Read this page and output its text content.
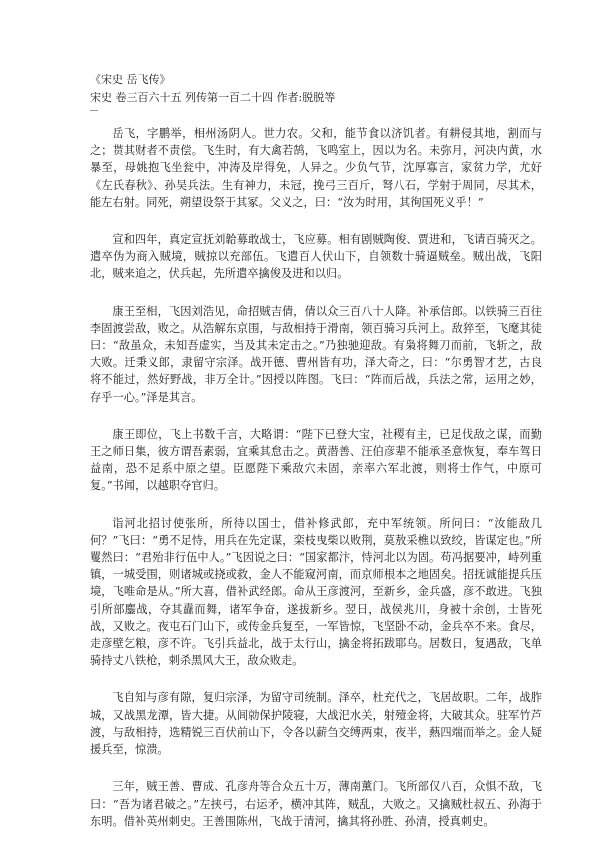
《宋史 岳飞传》

宋史 卷三百六十五 列传第一百二十四 作者:脱脱等

岳飞，字鹏举，相州汤阴人。世力农。父和，能节食以济饥者。有耕侵其地，割而与之；贳其财者不责偿。飞生时，有大禽若鹄，飞鸣室上，因以为名。未弥月，河决内黄，水暴至，母姚抱飞坐瓮中，冲涛及岸得免，人异之。少负气节，沈厚寡言，家贫力学，尤好《左氏春秋》、孙吴兵法。生有神力，未冠，挽弓三百斤，弩八石，学射于周同，尽其术，能左右射。同死，朔望设祭于其冢。父义之，曰：“汝为时用，其徇国死义乎！”

宣和四年，真定宣抚刘韐募敢战士，飞应募。相有剧贼陶俊、贾进和，飞请百骑灭之。遣卒伪为商入贼境，贼掠以充部伍。飞遣百人伏山下，自领数十骑逼贼垒。贼出战，飞阳北，贼来追之，伏兵起，先所遣卒擒俊及进和以归。

康王至相，飞因刘浩见，命招贼吉倩，倩以众三百八十人降。补承信郎。以铁骑三百往李固渡尝敌，败之。从浩解东京围，与敌相持于滑南，领百骑习兵河上。敌猝至，飞麾其徒曰：“敌虽众，未知吾虚实，当及其未定击之。”乃独驰迎敌。有枭将舞刀而前，飞斩之，敌大败。迁秉义郎，隶留守宗泽。战开德、曹州皆有功，泽大奇之，曰：“尔勇智才艺，古良将不能过，然好野战，非万全计。”因授以阵图。飞曰：“阵而后战，兵法之常，运用之妙，存乎一心。”泽是其言。

康王即位，飞上书数千言，大略谓：“陛下已登大宝，社稷有主，已足伐敌之谋，而勤王之师日集，彼方谓吾素弱，宜乘其怠击之。黄潜善、汪伯彦辈不能承圣意恢复，奉车驾日益南，恐不足系中原之望。臣愿陛下乘敌穴未固，亲率六军北渡，则将士作气，中原可复。”书闻，以越职夺官归。

诣河北招讨使张所，所待以国士，借补修武郎，充中军统领。所问曰：“汝能敌几何？”飞曰：“勇不足恃，用兵在先定谋，栾枝曳柴以败荆，莫敖采樵以致绞，皆谋定也。”所矍然曰：“君殆非行伍中人。”飞因说之曰：“国家都汴，恃河北以为固。苟冯据要冲，峙列重镇，一城受围，则诸城或挠或救，金人不能窥河南，而京师根本之地固矣。招抚诚能提兵压境，飞唯命是从。”所大喜，借补武经郎。命从王彦渡河，至新乡，金兵盛，彦不敢进。飞独引所部鏖战，夺其纛而舞，诸军争奋，遂拔新乡。翌日，战侯兆川，身被十余创，士皆死战，又败之。夜屯石门山下，或传金兵复至，一军皆惊，飞坚卧不动，金兵卒不来。食尽，走彦壁乞粮，彦不许。飞引兵益北，战于太行山，擒金将拓跋耶乌。居数日，复遇敌，飞单骑持丈八铁枪，刺杀黑风大王，敌众败走。

飞自知与彦有隙，复归宗泽，为留守司统制。泽卒，杜充代之，飞居故职。二年，战胙城，又战黑龙潭，皆大捷。从闾勍保护陵寝，大战汜水关，射殪金将，大破其众。驻军竹芦渡，与敌相持，选精锐三百伏前山下，令各以薪刍交缚两束，夜半，爇四端而举之。金人疑援兵至，惊溃。

三年，贼王善、曹成、孔彦舟等合众五十万，薄南薰门。飞所部仅八百，众惧不敌，飞曰：“吾为诸君破之。”左挟弓，右运矛，横冲其阵，贼乱，大败之。又擒贼杜叔五、孙海于东明。借补英州刺史。王善围陈州，飞战于清河，擒其将孙胜、孙清，授真刺史。
